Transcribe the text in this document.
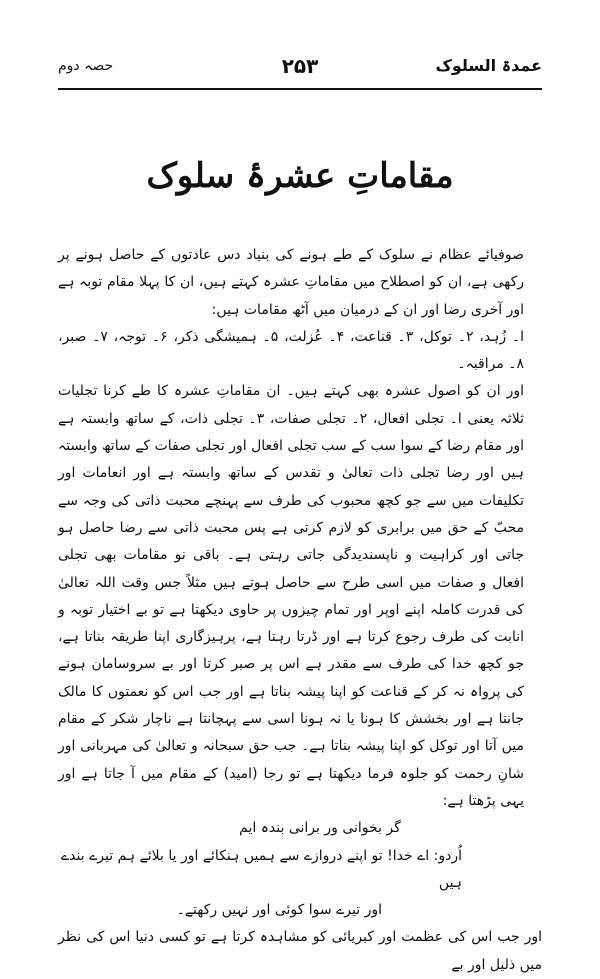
عمدۃ السلوک
۲۵۳
حصہ دوم
مقاماتِ عشرۂ سلوک

صوفیائے عظام نے سلوک کے طے ہونے کی بنیاد دس عادتوں کے حاصل ہونے پر رکھی ہے، ان کو اصطلاح میں مقاماتِ عشرہ کہتے ہیں، ان کا پہلا مقام توبہ ہے اور آخری رضا اور ان کے درمیان میں آٹھ مقامات ہیں:

ا۔ زُہد، ۲۔ توکل، ۳۔ قناعت، ۴۔ عُزلت، ۵۔ ہمیشگی ذکر، ۶۔ توجہ، ۷۔ صبر، ۸۔ مراقبہ۔

اور ان کو اصول عشرہ بھی کہتے ہیں۔ ان مقاماتِ عشرہ کا طے کرنا تجلیات ثلاثہ یعنی ا۔ تجلی افعال، ۲۔ تجلی صفات، ۳۔ تجلی ذات، کے ساتھ وابستہ ہے اور مقام رضا کے سوا سب کے سب تجلی افعال اور تجلی صفات کے ساتھ وابستہ ہیں اور رضا تجلی ذات تعالیٰ و تقدس کے ساتھ وابستہ ہے اور انعامات اور تکلیفات میں سے جو کچھ محبوب کی طرف سے پہنچے محبت ذاتی کی وجہ سے محبّ کے حق میں برابری کو لازم کرتی ہے پس محبت ذاتی سے رضا حاصل ہو جاتی اور کراہیت و ناپسندیدگی جاتی رہتی ہے۔ باقی نو مقامات بھی تجلی افعال و صفات میں اسی طرح سے حاصل ہوتے ہیں مثلاً جس وقت اللہ تعالیٰ کی قدرت کاملہ اپنے اوپر اور تمام چیزوں پر حاوی دیکھتا ہے تو بے اختیار توبہ و انابت کی طرف رجوع کرتا ہے اور ڈرتا رہتا ہے، پرہیزگاری اپنا طریقہ بناتا ہے، جو کچھ خدا کی طرف سے مقدر ہے اس پر صبر کرتا اور بے سروسامان ہونے کی پرواہ نہ کر کے قناعت کو اپنا پیشہ بناتا ہے اور جب اس کو نعمتوں کا مالک جانتا ہے اور بخشش کا ہونا یا نہ ہونا اسی سے پہچانتا ہے ناچار شکر کے مقام میں آتا اور توکل کو اپنا پیشہ بناتا ہے۔ جب حق سبحانہ و تعالیٰ کی مہربانی اور شانِ رحمت کو جلوہ فرما دیکھتا ہے تو رجا (امید) کے مقام میں آ جاتا ہے اور یہی پڑھتا ہے:

گر بخوانی ور برانی بندہ ایم
اُردو: اے خدا! تو اپنے دروازے سے ہمیں ہنکائے اور یا بلائے ہم تیرے بندے ہیں
اور تیرے سوا کوئی اور نہیں رکھتے۔

اور جب اس کی عظمت اور کبریائی کو مشاہدہ کرتا ہے تو کسی دنیا اس کی نظر میں ذلیل اور بے
